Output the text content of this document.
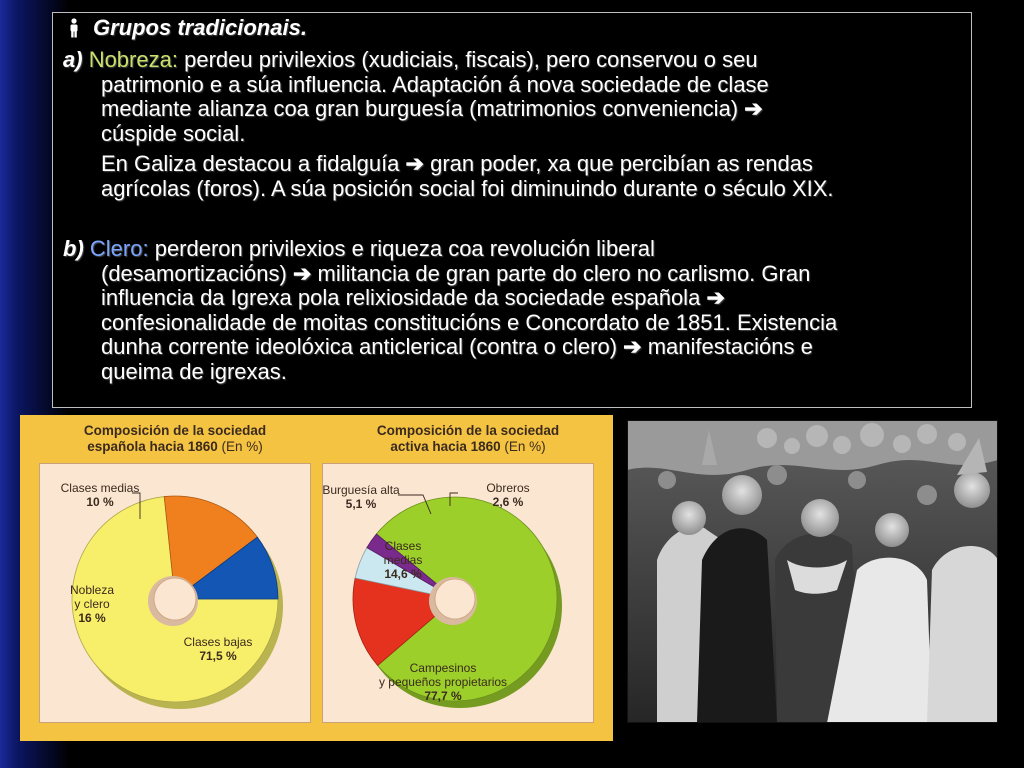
Grupos tradicionais.
a) Nobreza: perdeu privilexios (xudiciais, fiscais), pero conservou o seu
patrimonio e a súa influencia. Adaptación á nova sociedade de clase
mediante alianza coa gran burguesía (matrimonios conveniencia) ➔
cúspide social.
En Galiza destacou a fidalguía ➔ gran poder, xa que percibían as rendas
agrícolas (foros). A súa posición social foi diminuindo durante o século XIX.
b) Clero: perderon privilexios e riqueza coa revolución liberal
(desamortizacións) ➔ militancia de gran parte do clero no carlismo. Gran
influencia da Igrexa pola relixiosidade da sociedade española ➔
confesionalidade de moitas constitucións e Concordato de 1851. Existencia
dunha corrente ideolóxica anticlerical (contra o clero) ➔ manifestacións e
queima de igrexas.
Composición de la sociedad
española hacia 1860 (En %)
Composición de la sociedad
activa hacia 1860 (En %)
Clases bajas
71,5 %
Nobleza
y clero
16 %
Clases medias
10 %
Campesinos
y pequeños propietarios
77,7 %
Clases
medias
14,6 %
Burguesía alta
5,1 %
Obreros
2,6 %
